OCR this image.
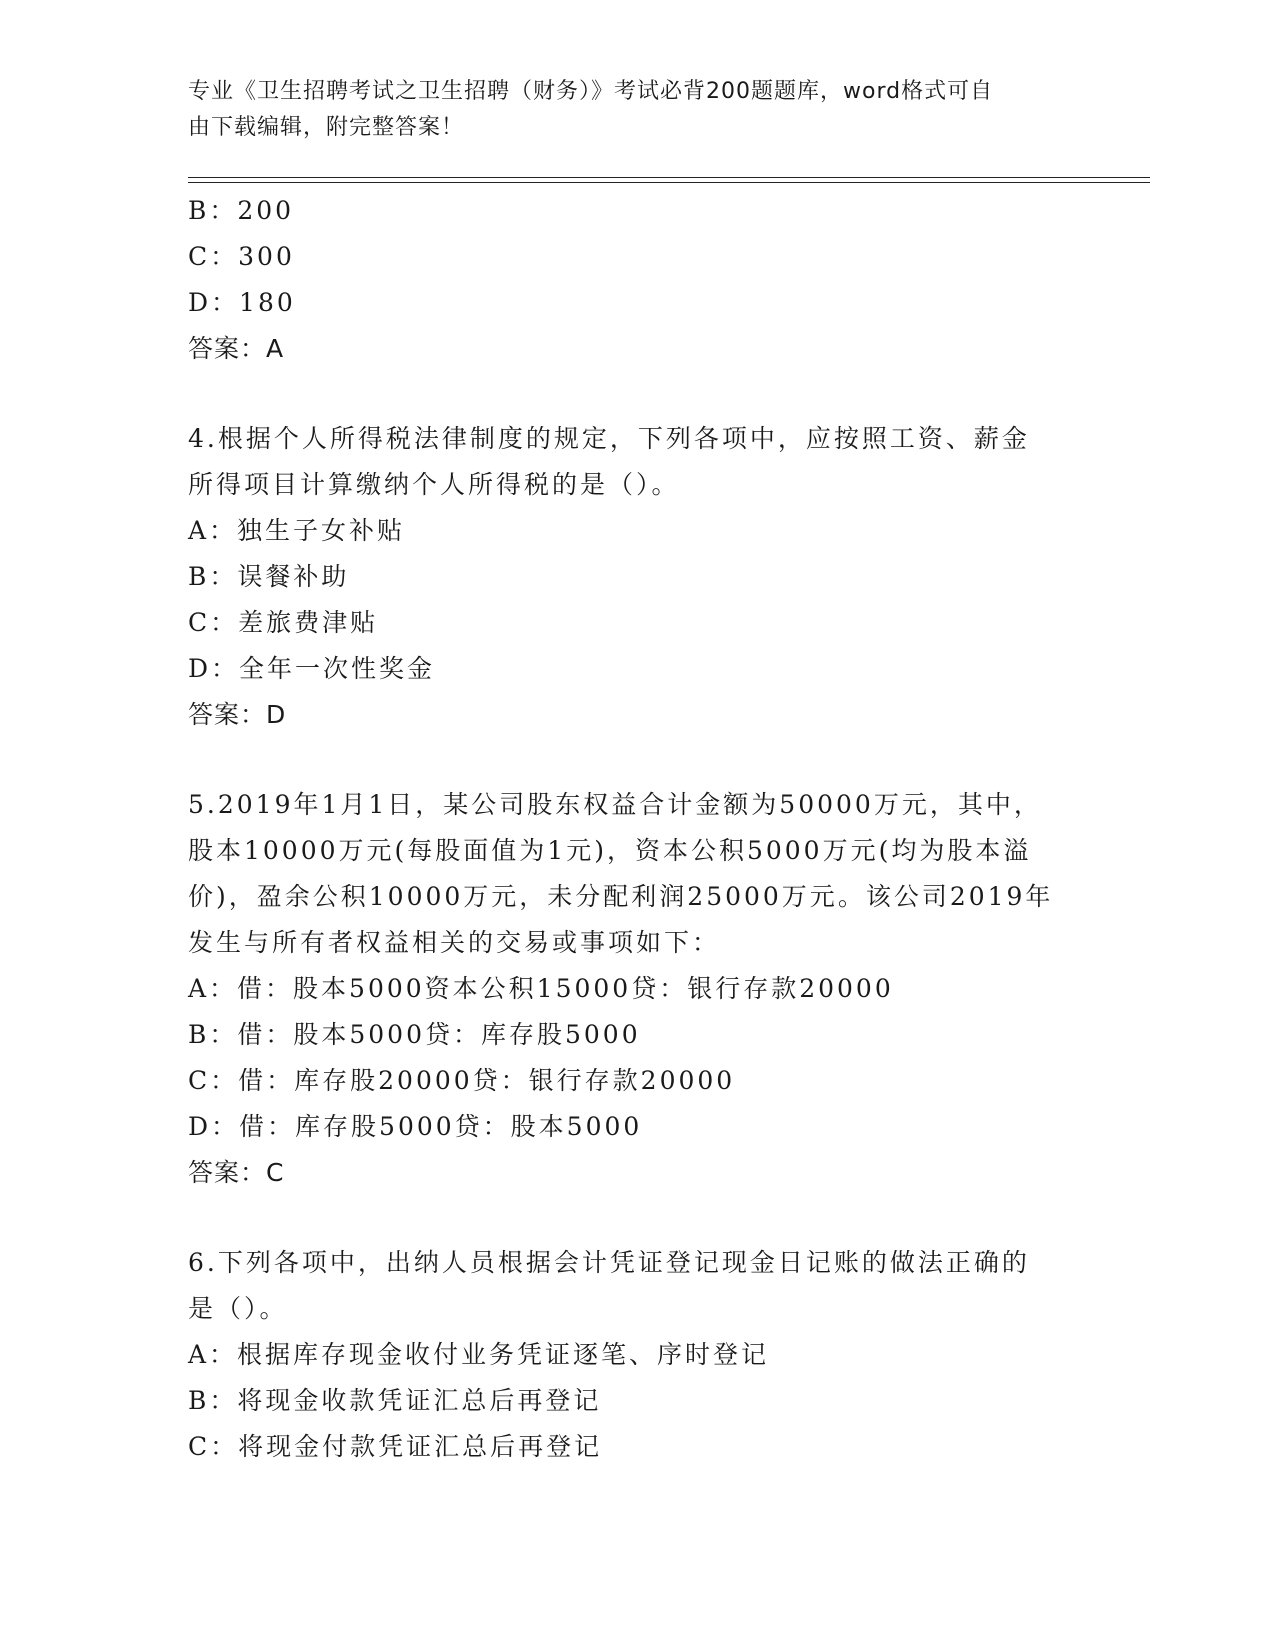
专业《卫生招聘考试之卫生招聘（财务）》考试必背200题题库，word格式可自
由下载编辑，附完整答案！
B：200
C：300
D：180
答案：A
4.根据个人所得税法律制度的规定，下列各项中，应按照工资、薪金
所得项目计算缴纳个人所得税的是（）。
A：独生子女补贴
B：误餐补助
C：差旅费津贴
D：全年一次性奖金
答案：D
5.2019年1月1日，某公司股东权益合计金额为50000万元，其中，
股本10000万元(每股面值为1元)，资本公积5000万元(均为股本溢
价)，盈余公积10000万元，未分配利润25000万元。该公司2019年
发生与所有者权益相关的交易或事项如下：
A：借：股本5000资本公积15000贷：银行存款20000
B：借：股本5000贷：库存股5000
C：借：库存股20000贷：银行存款20000
D：借：库存股5000贷：股本5000
答案：C
6.下列各项中，出纳人员根据会计凭证登记现金日记账的做法正确的
是（）。
A：根据库存现金收付业务凭证逐笔、序时登记
B：将现金收款凭证汇总后再登记
C：将现金付款凭证汇总后再登记
